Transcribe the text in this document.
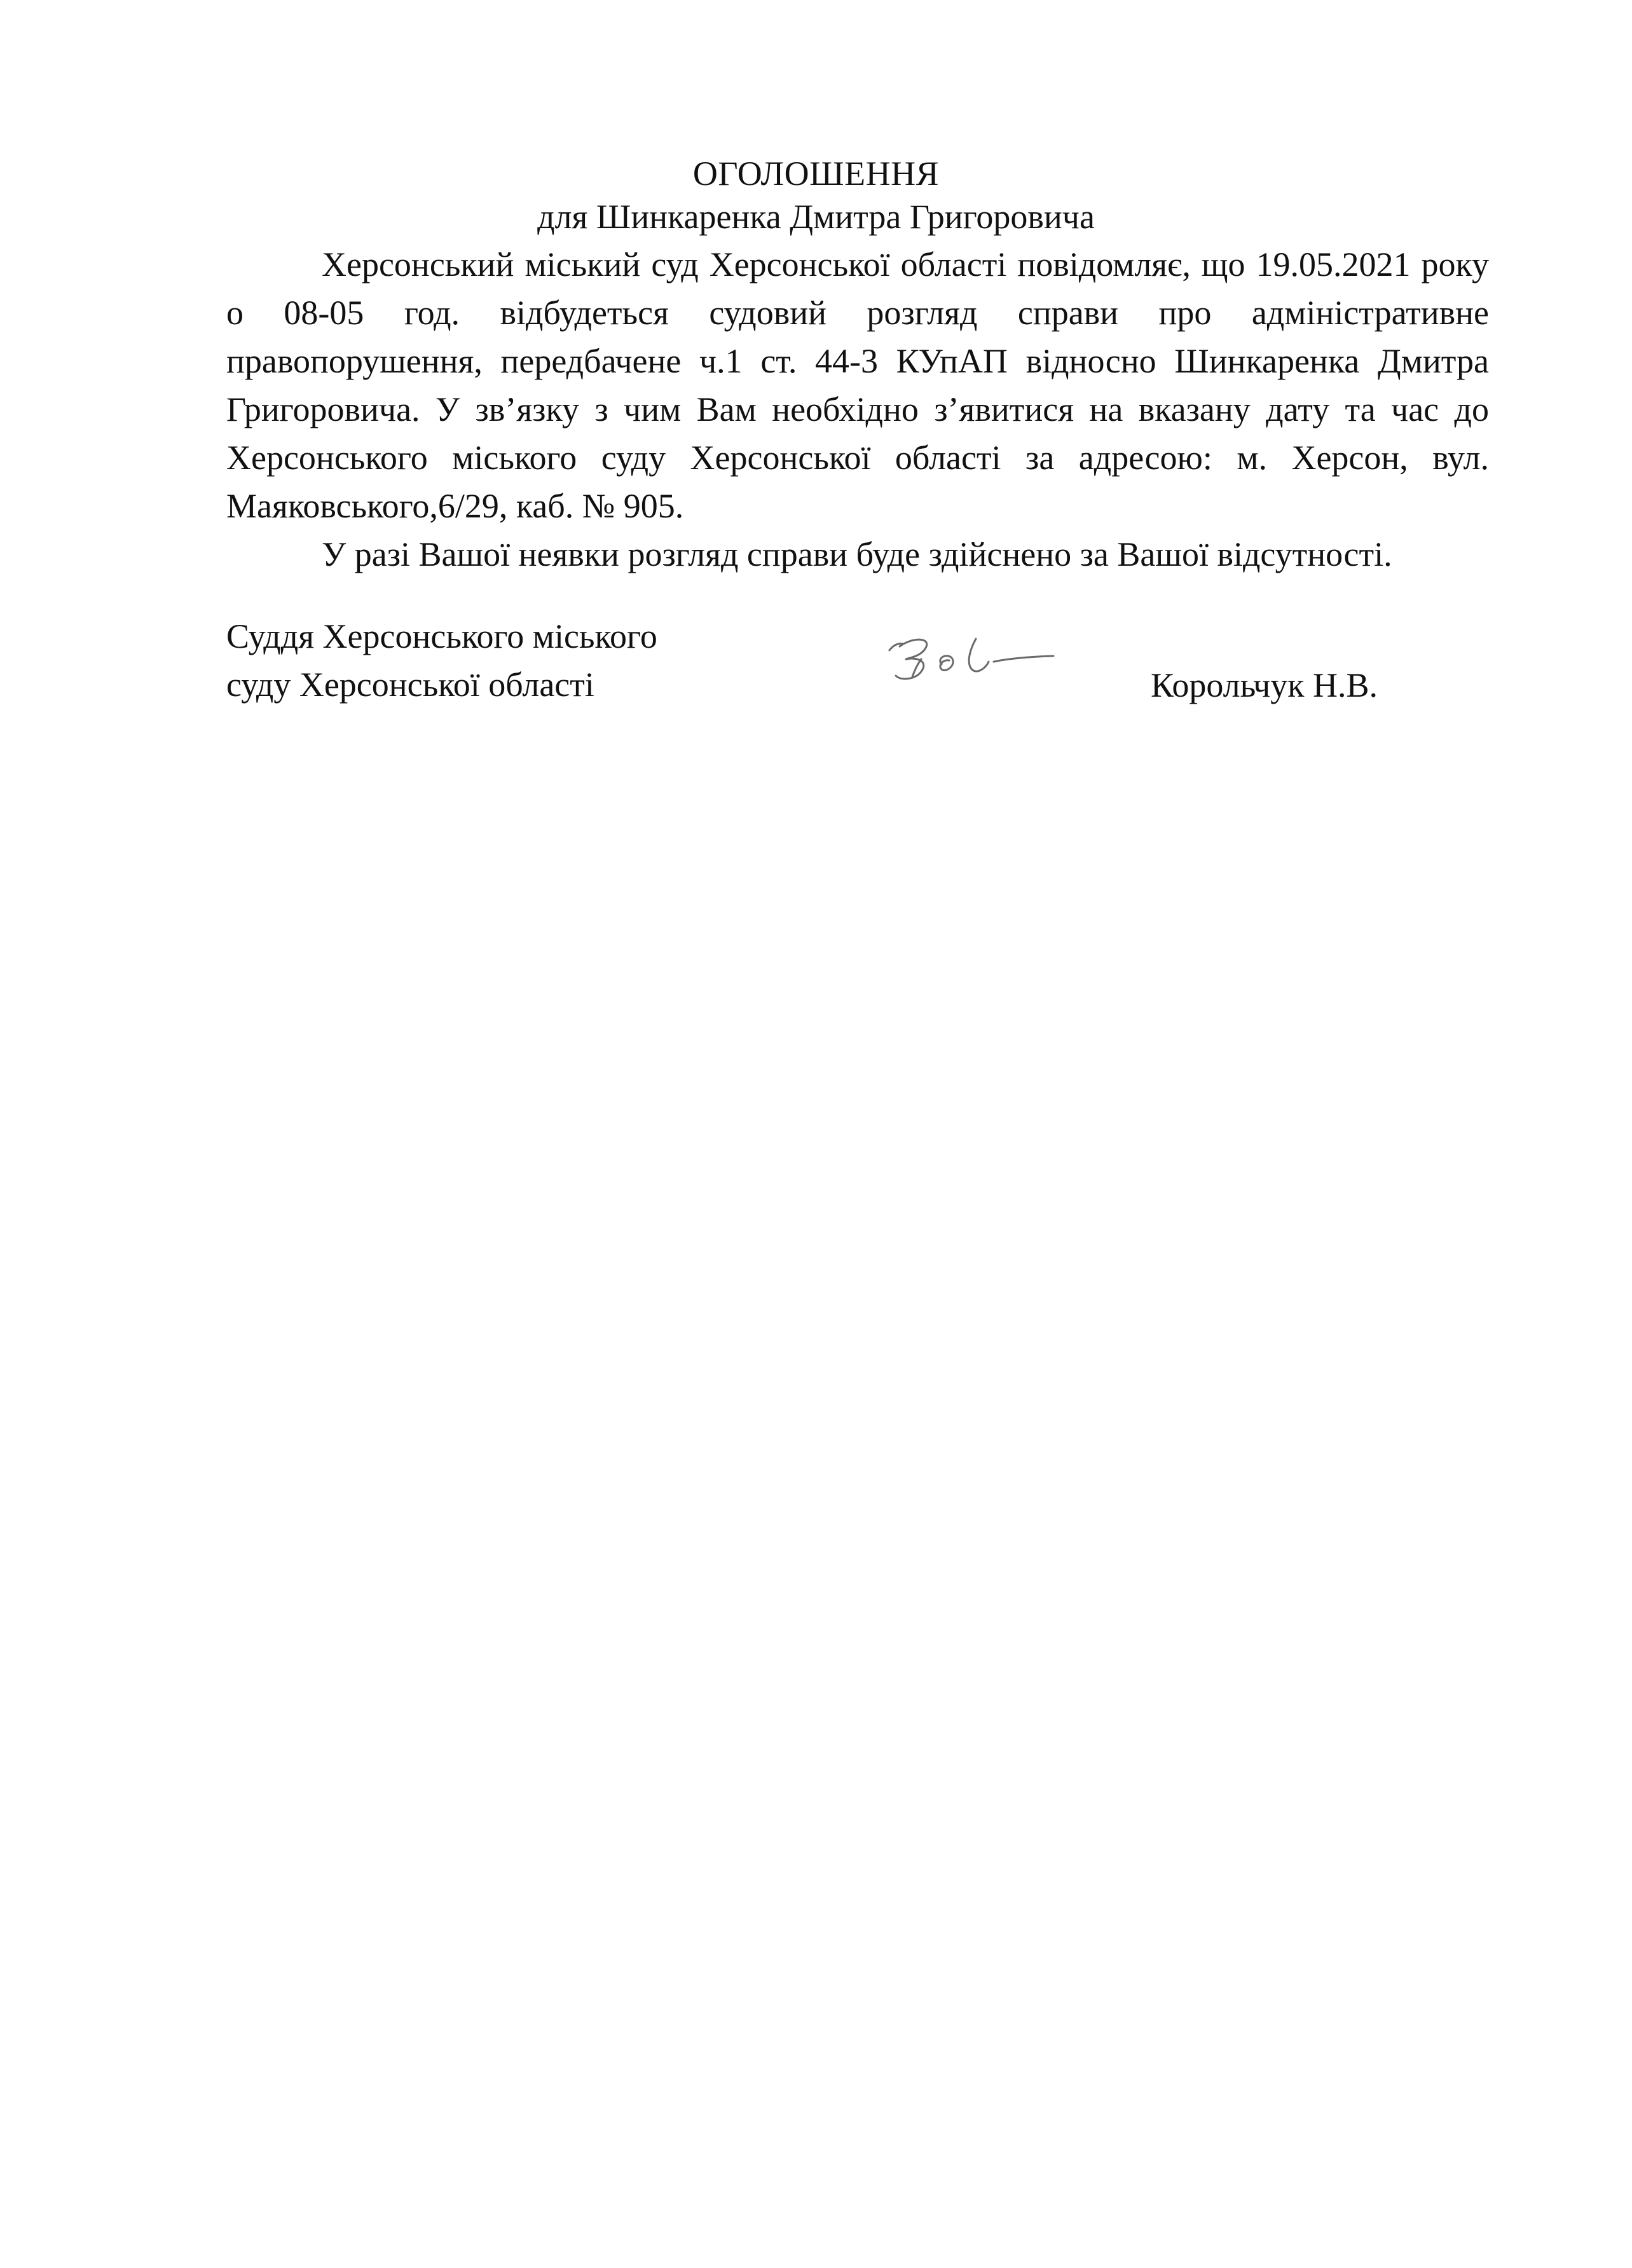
ОГОЛОШЕННЯ
для Шинкаренка Дмитра Григоровича

Херсонський міський суд Херсонської області повідомляє, що 19.05.2021 року о 08-05 год. відбудеться судовий розгляд справи про адміністративне правопорушення, передбачене ч.1 ст. 44-3 КУпАП відносно Шинкаренка Дмитра Григоровича. У зв’язку з чим Вам необхідно з’явитися на вказану дату та час до Херсонського міського суду Херсонської області за адресою: м. Херсон, вул. Маяковського,6/29, каб. № 905.

У разі Вашої неявки розгляд справи буде здійснено за Вашої відсутності.

Суддя Херсонського міського
суду Херсонської області	Корольчук Н.В.
